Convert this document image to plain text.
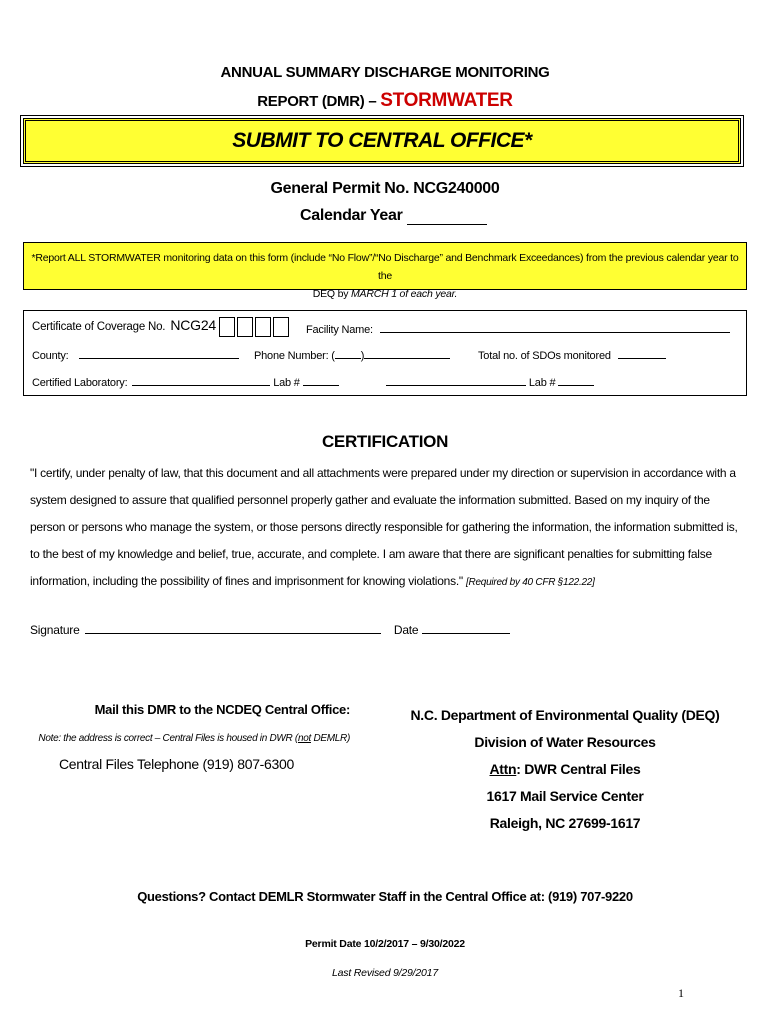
ANNUAL SUMMARY DISCHARGE MONITORING
REPORT (DMR) – STORMWATER
SUBMIT TO CENTRAL OFFICE*
General Permit No. NCG240000
Calendar Year
*Report ALL STORMWATER monitoring data on this form (include “No Flow”/“No Discharge” and Benchmark Exceedances) from the previous calendar year to the
DEQ by MARCH 1 of each year.
Certificate of Coverage No. NCG24	Facility Name:
County:	Phone Number: ( )	Total no. of SDOs monitored
Certified Laboratory:	Lab #	Lab #
CERTIFICATION
"I certify, under penalty of law, that this document and all attachments were prepared under my direction or supervision in accordance with a system designed to assure that qualified personnel properly gather and evaluate the information submitted. Based on my inquiry of the person or persons who manage the system, or those persons directly responsible for gathering the information, the information submitted is, to the best of my knowledge and belief, true, accurate, and complete. I am aware that there are significant penalties for submitting false information, including the possibility of fines and imprisonment for knowing violations." [Required by 40 CFR §122.22]
Signature	Date
Mail this DMR to the NCDEQ Central Office:
Note: the address is correct – Central Files is housed in DWR (not DEMLR)
Central Files Telephone (919) 807-6300
N.C. Department of Environmental Quality (DEQ)
Division of Water Resources
Attn: DWR Central Files
1617 Mail Service Center
Raleigh, NC 27699-1617
Questions? Contact DEMLR Stormwater Staff in the Central Office at: (919) 707-9220
Permit Date 10/2/2017 – 9/30/2022
Last Revised 9/29/2017
1
